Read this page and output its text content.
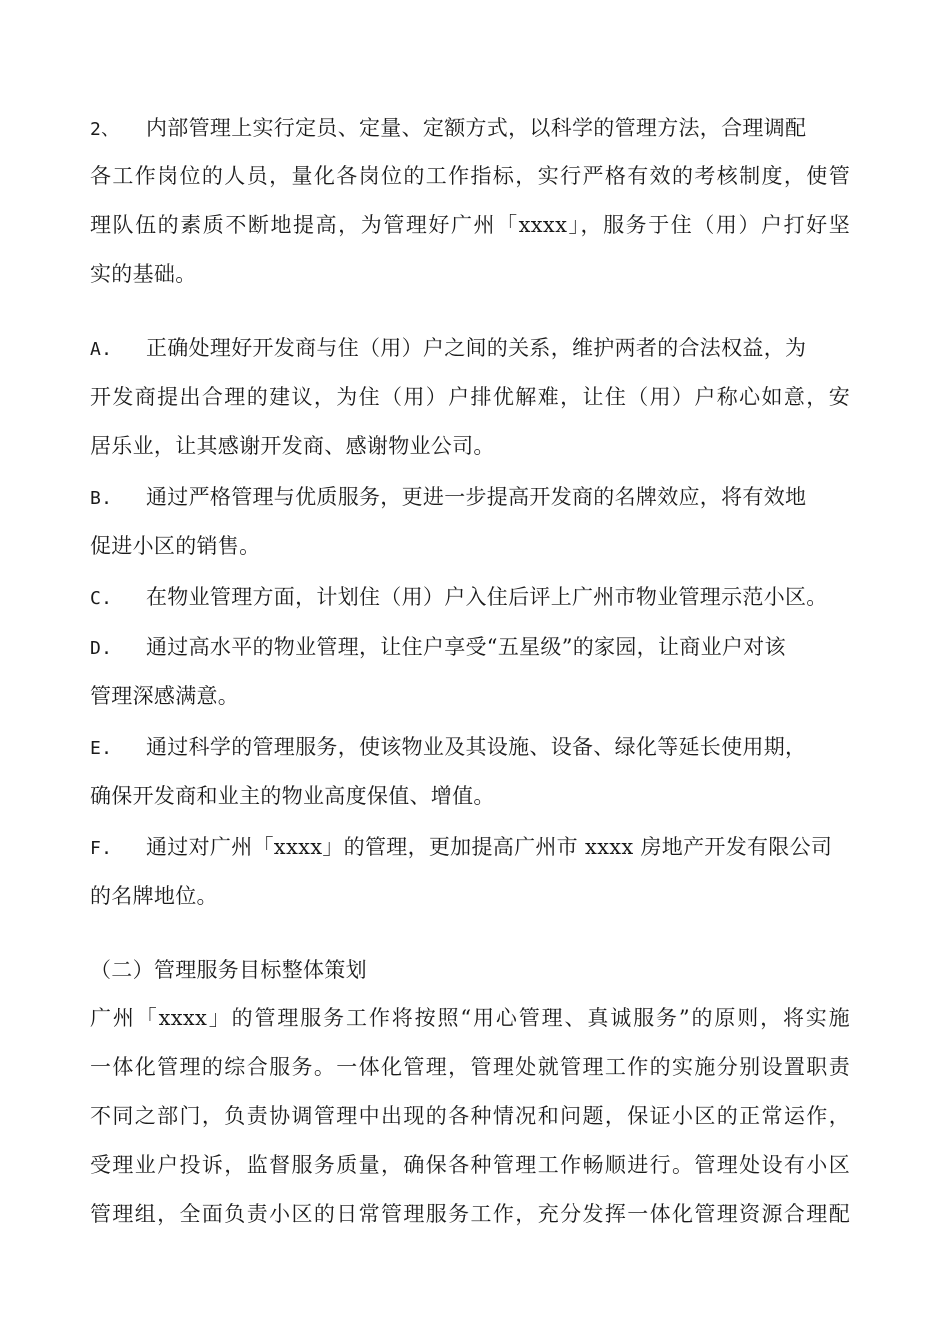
2、 内部管理上实行定员、定量、定额方式，以科学的管理方法，合理调配
各工作岗位的人员，量化各岗位的工作指标，实行严格有效的考核制度，使管
理队伍的素质不断地提高，为管理好广州「xxxx」，服务于住（用）户打好坚
实的基础。
A. 正确处理好开发商与住（用）户之间的关系，维护两者的合法权益，为
开发商提出合理的建议，为住（用）户排优解难，让住（用）户称心如意，安
居乐业，让其感谢开发商、感谢物业公司。
B. 通过严格管理与优质服务，更进一步提高开发商的名牌效应，将有效地
促进小区的销售。
C. 在物业管理方面，计划住（用）户入住后评上广州市物业管理示范小区。
D. 通过高水平的物业管理，让住户享受“五星级”的家园，让商业户对该
管理深感满意。
E. 通过科学的管理服务，使该物业及其设施、设备、绿化等延长使用期，
确保开发商和业主的物业高度保值、增值。
F. 通过对广州「xxxx」的管理，更加提高广州市 xxxx 房地产开发有限公司
的名牌地位。
（二）管理服务目标整体策划
广州「xxxx」的管理服务工作将按照“用心管理、真诚服务”的原则，将实施
一体化管理的综合服务。一体化管理，管理处就管理工作的实施分别设置职责
不同之部门，负责协调管理中出现的各种情况和问题，保证小区的正常运作，
受理业户投诉，监督服务质量，确保各种管理工作畅顺进行。管理处设有小区
管理组，全面负责小区的日常管理服务工作，充分发挥一体化管理资源合理配
